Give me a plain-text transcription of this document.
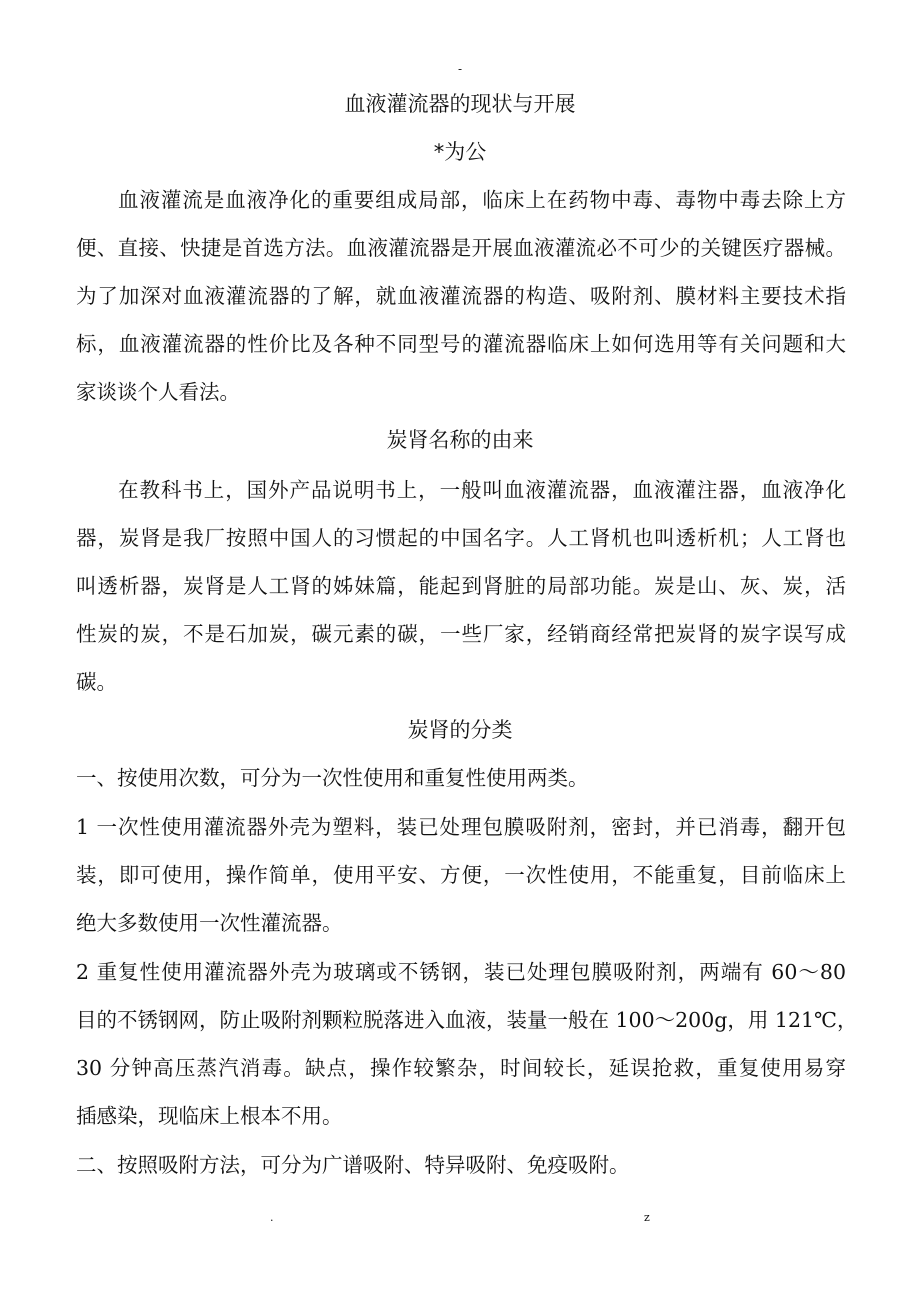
-
血液灌流器的现状与开展
*为公
血液灌流是血液净化的重要组成局部，临床上在药物中毒、毒物中毒去除上方
便、直接、快捷是首选方法。血液灌流器是开展血液灌流必不可少的关键医疗器械。
为了加深对血液灌流器的了解，就血液灌流器的构造、吸附剂、膜材料主要技术指
标，血液灌流器的性价比及各种不同型号的灌流器临床上如何选用等有关问题和大
家谈谈个人看法。
炭肾名称的由来
在教科书上，国外产品说明书上，一般叫血液灌流器，血液灌注器，血液净化
器，炭肾是我厂按照中国人的习惯起的中国名字。人工肾机也叫透析机；人工肾也
叫透析器，炭肾是人工肾的姊妹篇，能起到肾脏的局部功能。炭是山、灰、炭，活
性炭的炭，不是石加炭，碳元素的碳，一些厂家，经销商经常把炭肾的炭字误写成
碳。
炭肾的分类
一、按使用次数，可分为一次性使用和重复性使用两类。
1 一次性使用灌流器外壳为塑料，装已处理包膜吸附剂，密封，并已消毒，翻开包
装，即可使用，操作简单，使用平安、方便，一次性使用，不能重复，目前临床上
绝大多数使用一次性灌流器。
2 重复性使用灌流器外壳为玻璃或不锈钢，装已处理包膜吸附剂，两端有 60～80
目的不锈钢网，防止吸附剂颗粒脱落进入血液，装量一般在 100～200g，用 121℃，
30 分钟高压蒸汽消毒。缺点，操作较繁杂，时间较长，延误抢救，重复使用易穿
插感染，现临床上根本不用。
二、按照吸附方法，可分为广谱吸附、特异吸附、免疫吸附。
.	z
